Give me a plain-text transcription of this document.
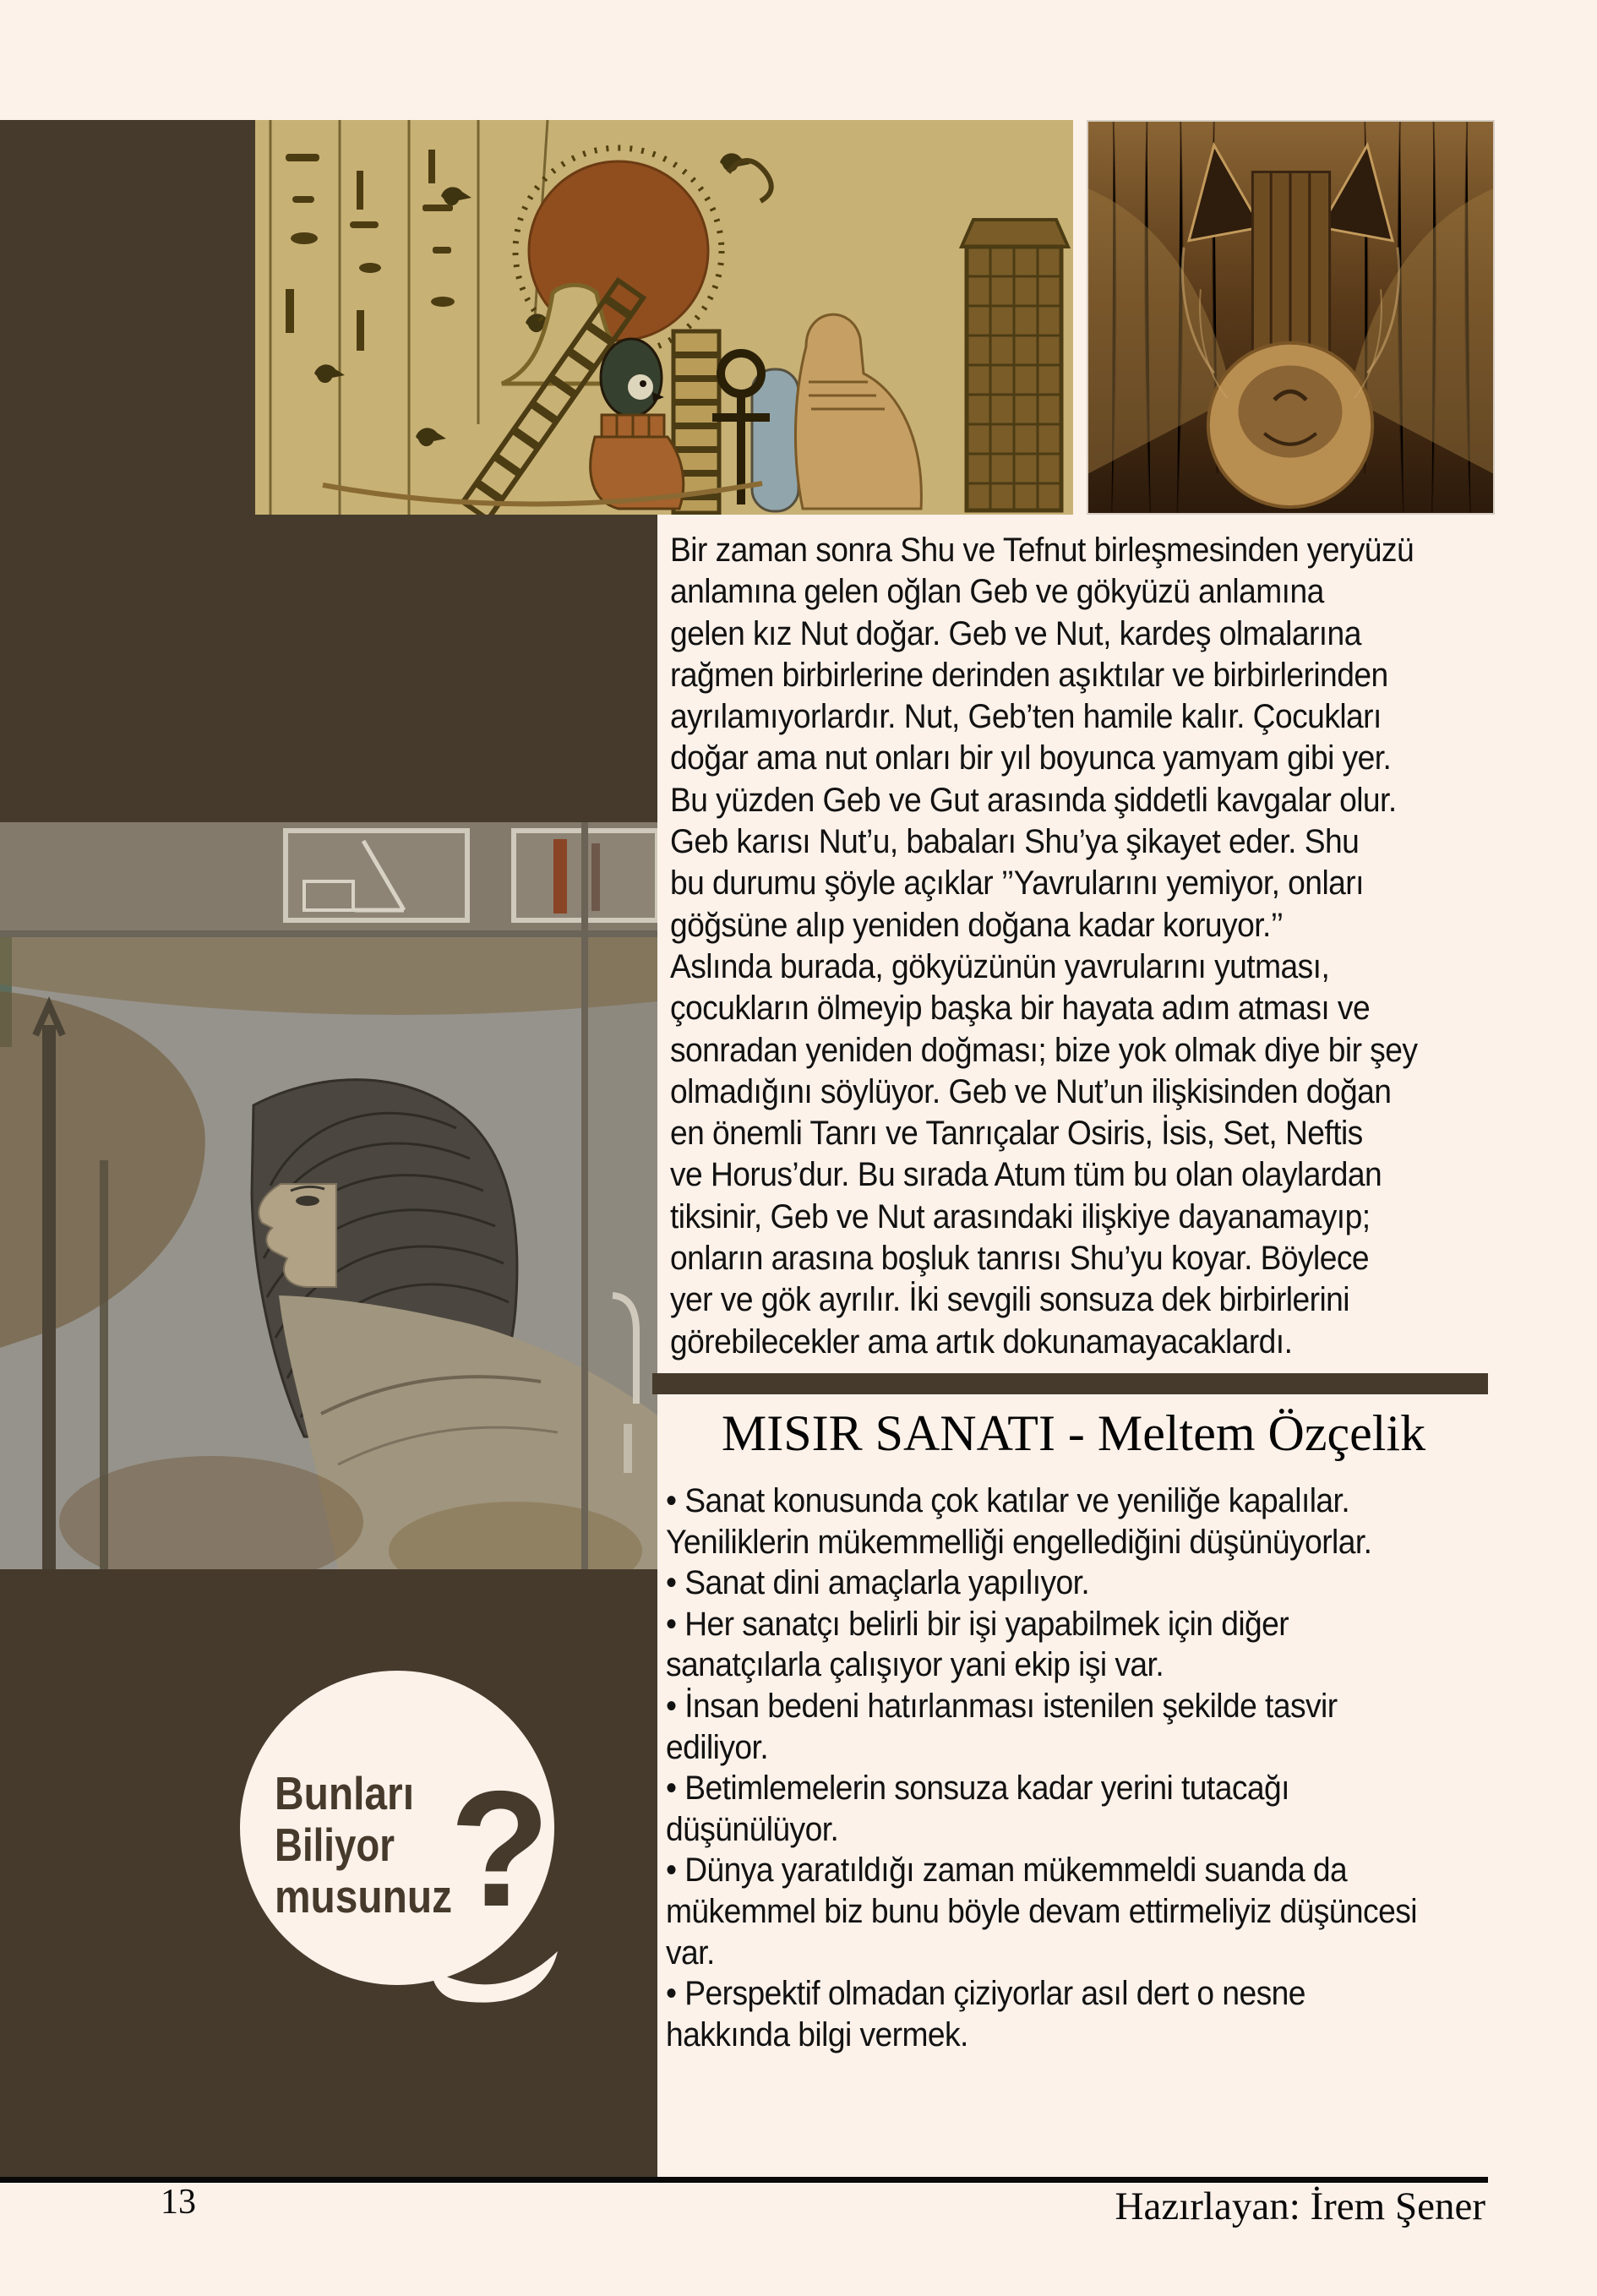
Bir zaman sonra Shu ve Tefnut birleşmesinden yeryüzü
anlamına gelen oğlan Geb ve gökyüzü anlamına
gelen kız Nut doğar. Geb ve Nut, kardeş olmalarına
rağmen birbirlerine derinden aşıktılar ve birbirlerinden
ayrılamıyorlardır. Nut, Geb’ten hamile kalır. Çocukları
doğar ama nut onları bir yıl boyunca yamyam gibi yer.
Bu yüzden Geb ve Gut arasında şiddetli kavgalar olur.
Geb karısı Nut’u, babaları Shu’ya şikayet eder. Shu
bu durumu şöyle açıklar ’’Yavrularını yemiyor, onları
göğsüne alıp yeniden doğana kadar koruyor.’’
Aslında burada, gökyüzünün yavrularını yutması,
çocukların ölmeyip başka bir hayata adım atması ve
sonradan yeniden doğması; bize yok olmak diye bir şey
olmadığını söylüyor. Geb ve Nut’un ilişkisinden doğan
en önemli Tanrı ve Tanrıçalar Osiris, İsis, Set, Neftis
ve Horus’dur. Bu sırada Atum tüm bu olan olaylardan
tiksinir, Geb ve Nut arasındaki ilişkiye dayanamayıp;
onların arasına boşluk tanrısı Shu’yu koyar. Böylece
yer ve gök ayrılır. İki sevgili sonsuza dek birbirlerini
görebilecekler ama artık dokunamayacaklardı.
MISIR SANATI - Meltem Özçelik
• Sanat konusunda çok katılar ve yeniliğe kapalılar.
Yeniliklerin mükemmelliği engellediğini düşünüyorlar.
• Sanat dini amaçlarla yapılıyor.
• Her sanatçı belirli bir işi yapabilmek için diğer
sanatçılarla çalışıyor yani ekip işi var.
• İnsan bedeni hatırlanması istenilen şekilde tasvir
ediliyor.
• Betimlemelerin sonsuza kadar yerini tutacağı
düşünülüyor.
• Dünya yaratıldığı zaman mükemmeldi suanda da
mükemmel biz bunu böyle devam ettirmeliyiz düşüncesi
var.
• Perspektif olmadan çiziyorlar asıl dert o nesne
hakkında bilgi vermek.
Bunları
Biliyor
musunuz
?
13	Hazırlayan: İrem Şener
